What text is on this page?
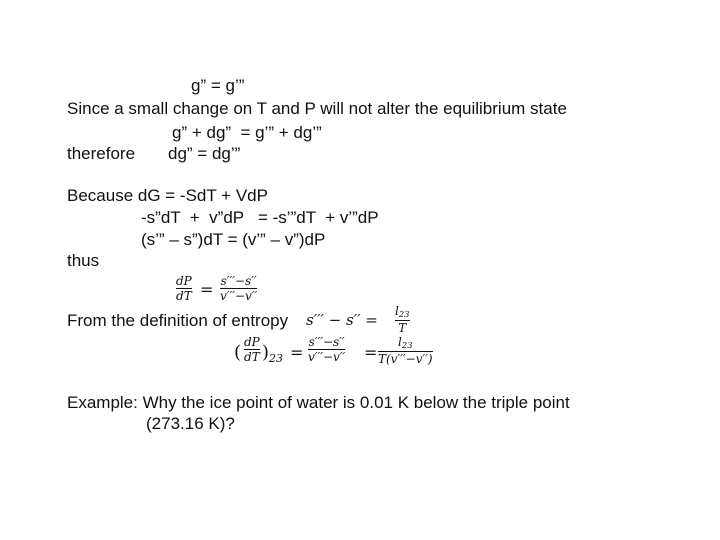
g” = g’”
Since a small change on T and P will not alter the equilibrium state
g” + dg”  = g’” + dg’”
therefore dg” = dg’”
Because dG = -SdT + VdP
-s”dT  +  v”dP   = -s’”dT  + v’”dP
(s’” – s”)dT = (v’” – v”)dP
thus
dP
dT = s′′′−s′′
v′′′−v′′
From the definition of entropy $s''' - s'' = l_{23}$
T
( dP
dT ) 23 =
s′′′−s′′
v′′′−v′′ =
$l_{23}$
T(v′′′−v′′)
Example: Why the ice point of water is 0.01 K below the triple point
(273.16 K)?
